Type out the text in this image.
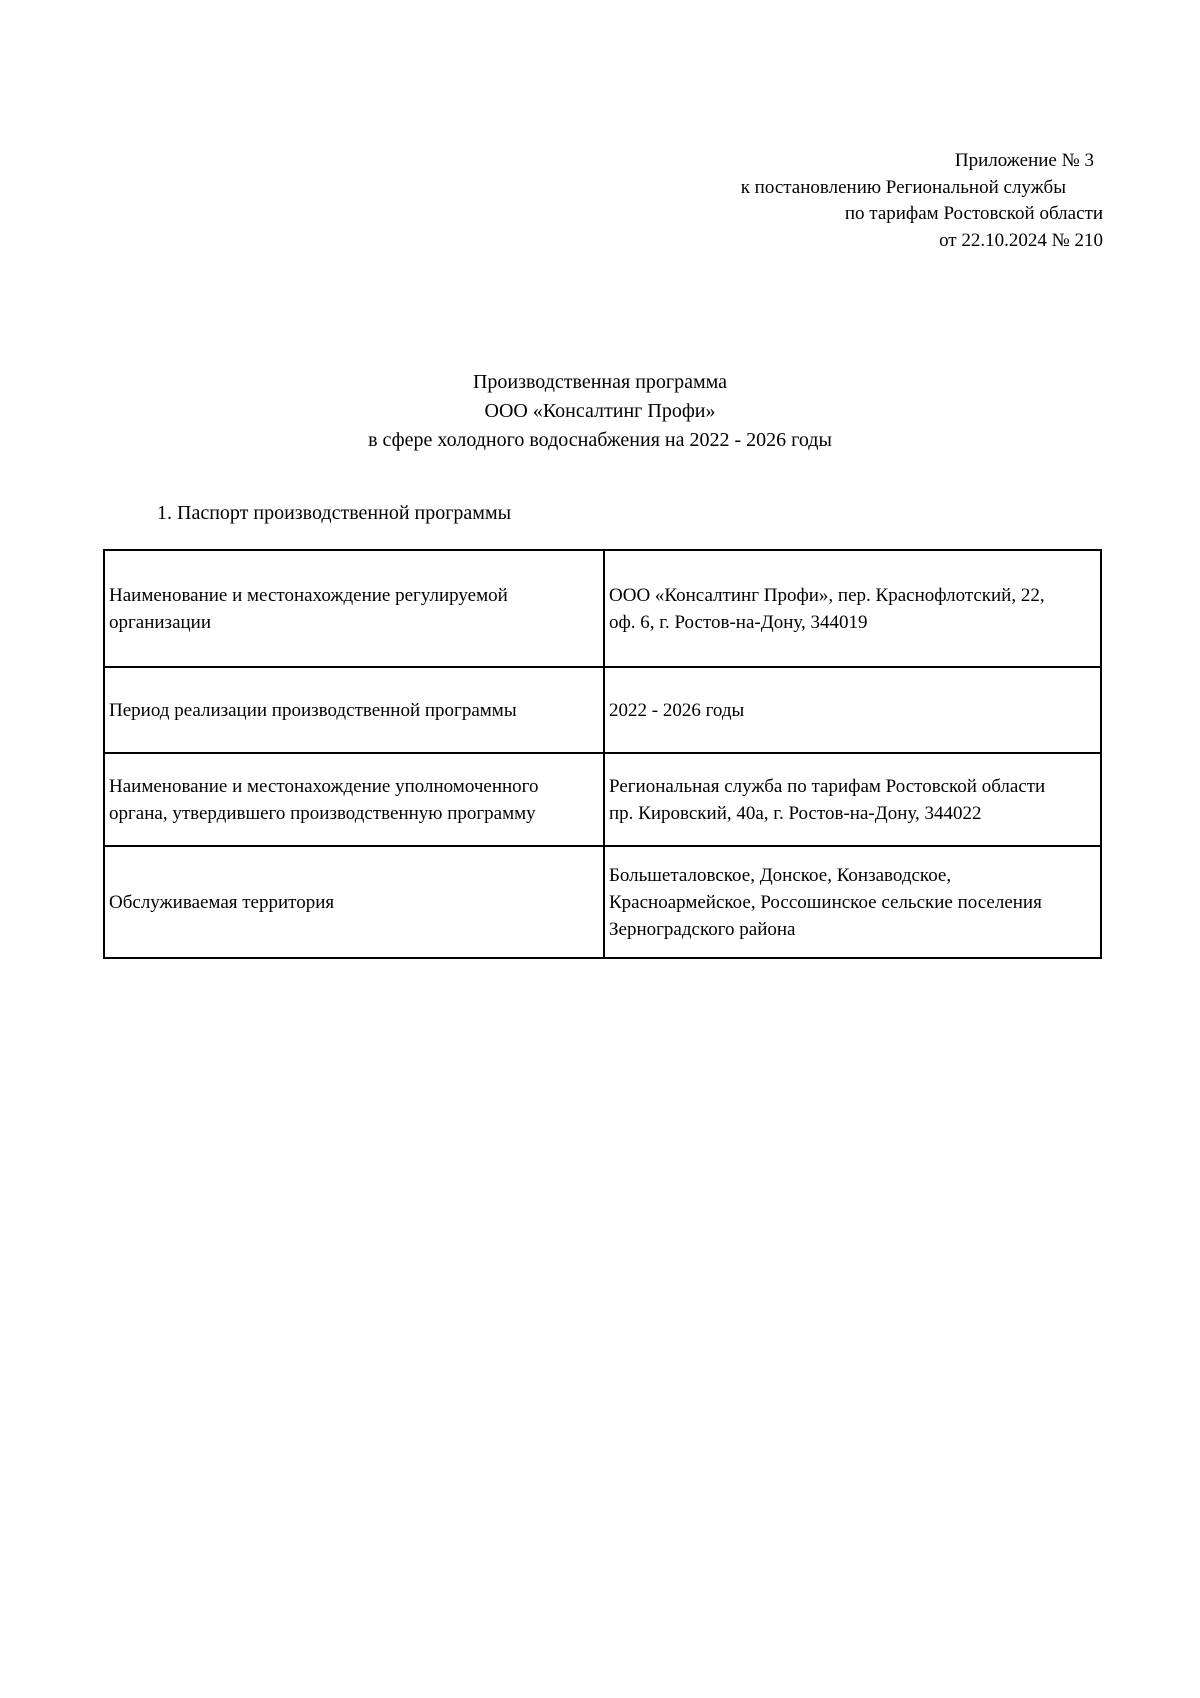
Приложение № 3
к постановлению Региональной службы
по тарифам Ростовской области
от 22.10.2024 № 210
Производственная программа
ООО «Консалтинг Профи»
в сфере холодного водоснабжения на 2022 - 2026 годы
1. Паспорт производственной программы
Наименование и местонахождение регулируемой
организации	ООО «Консалтинг Профи», пер. Краснофлотский, 22,
оф. 6, г. Ростов-на-Дону, 344019

Период реализации производственной программы	2022 - 2026 годы

Наименование и местонахождение уполномоченного
органа, утвердившего производственную программу	Региональная служба по тарифам Ростовской области
пр. Кировский, 40а, г. Ростов-на-Дону, 344022

Обслуживаемая территория	Большеталовское, Донское, Конзаводское,
Красноармейское, Россошинское сельские поселения
Зерноградского района
